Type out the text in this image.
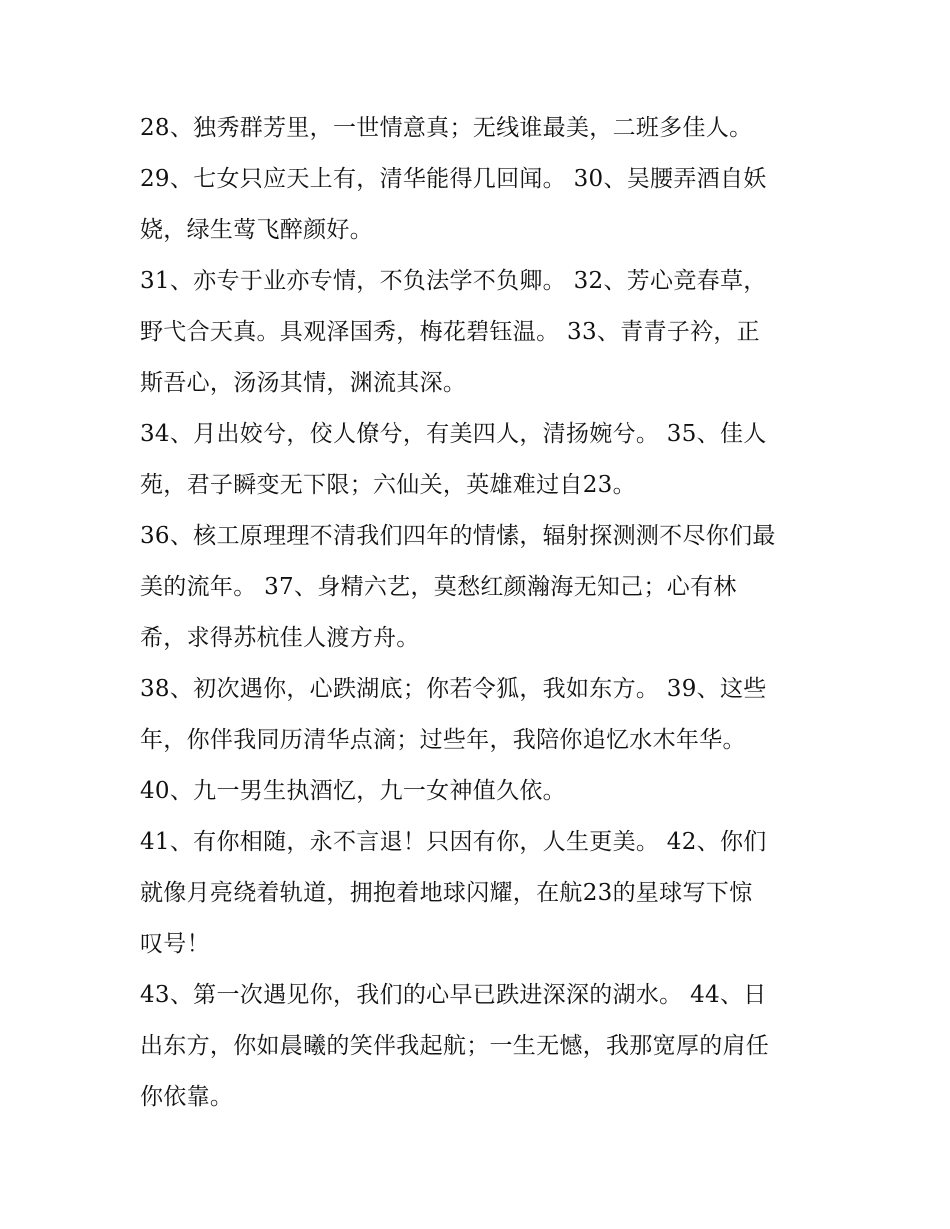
28、独秀群芳里，一世情意真；无线谁最美，二班多佳人。
29、七女只应天上有，清华能得几回闻。 30、吴腰弄酒自妖
娆，绿生莺飞醉颜好。
31、亦专于业亦专情，不负法学不负卿。 32、芳心竞春草，
野弋合天真。具观泽国秀，梅花碧钰温。 33、青青子衿，正
斯吾心，汤汤其情，渊流其深。
34、月出姣兮，佼人僚兮，有美四人，清扬婉兮。 35、佳人
苑，君子瞬变无下限；六仙关，英雄难过自23。
36、核工原理理不清我们四年的情愫，辐射探测测不尽你们最
美的流年。 37、身精六艺，莫愁红颜瀚海无知己；心有林
希，求得苏杭佳人渡方舟。
38、初次遇你，心跌湖底；你若令狐，我如东方。 39、这些
年，你伴我同历清华点滴；过些年，我陪你追忆水木年华。
40、九一男生执酒忆，九一女神值久依。
41、有你相随，永不言退！只因有你，人生更美。 42、你们
就像月亮绕着轨道，拥抱着地球闪耀，在航23的星球写下惊
叹号！
43、第一次遇见你，我们的心早已跌进深深的湖水。 44、日
出东方，你如晨曦的笑伴我起航；一生无憾，我那宽厚的肩任
你依靠。
